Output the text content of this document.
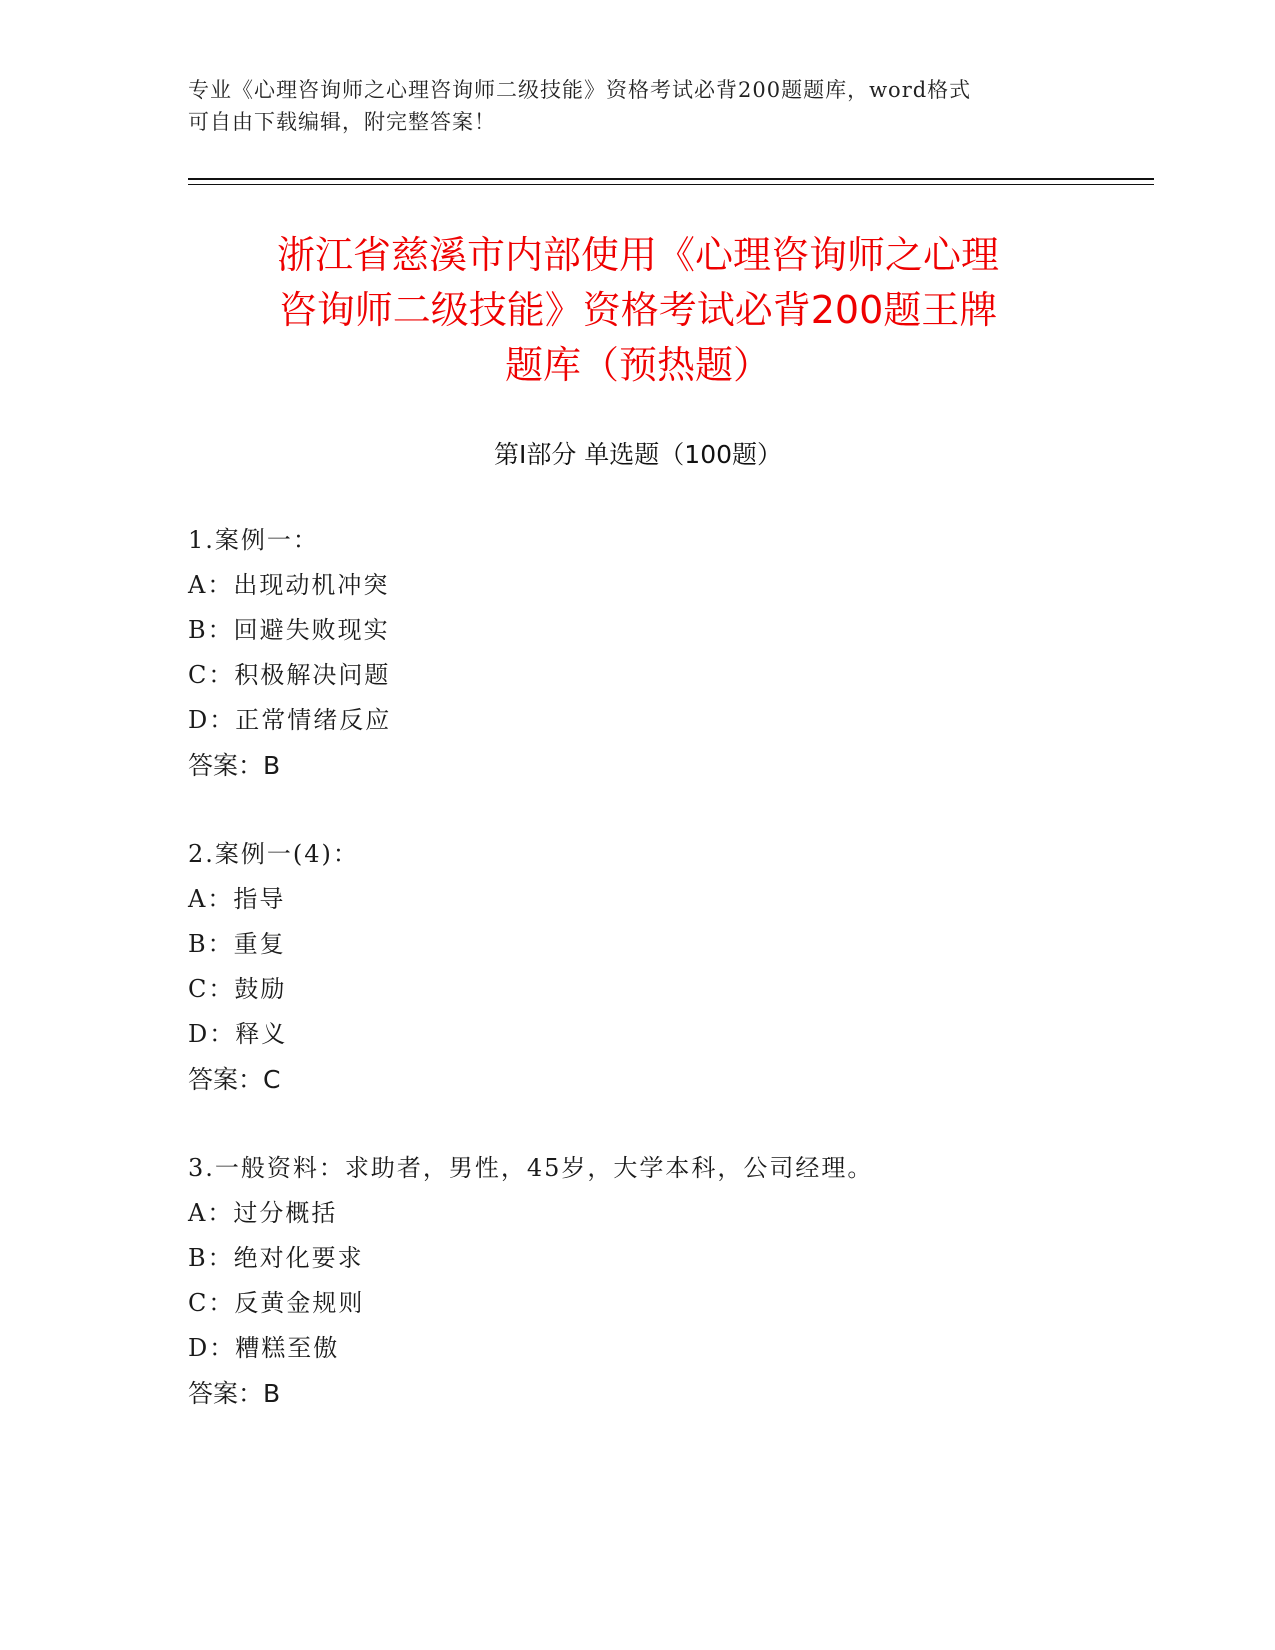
专业《心理咨询师之心理咨询师二级技能》资格考试必背200题题库，word格式
可自由下载编辑，附完整答案！
浙江省慈溪市内部使用《心理咨询师之心理
咨询师二级技能》资格考试必背200题王牌
题库（预热题）
第Ⅰ部分 单选题（100题）
1.案例一：
A：出现动机冲突
B：回避失败现实
C：积极解决问题
D：正常情绪反应
答案：B
2.案例一(4)：
A：指导
B：重复
C：鼓励
D：释义
答案：C
3.一般资料：求助者，男性，45岁，大学本科，公司经理。
A：过分概括
B：绝对化要求
C：反黄金规则
D：糟糕至傲
答案：B
